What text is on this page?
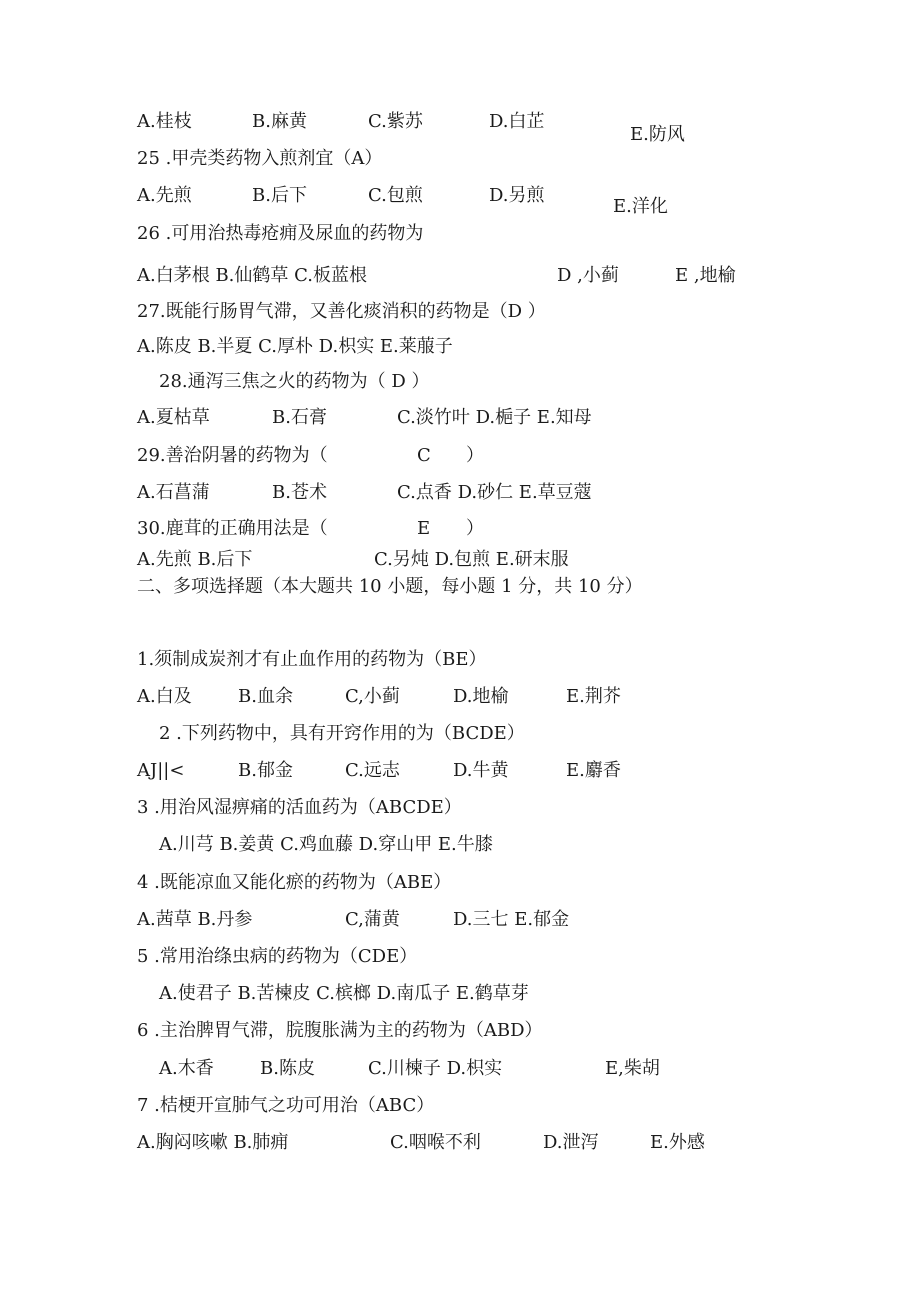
A.桂枝	B.麻黄	C.紫苏	D.白芷
E.防风
25 .甲壳类药物入煎剂宜（A）
A.先煎	B.后下	C.包煎	D.另煎
E.洋化
26 .可用治热毒疮痈及尿血的药物为
A.白茅根 B.仙鹤草 C.板蓝根	D ,小蓟	E ,地榆
27.既能行肠胃气滞，又善化痰消积的药物是（D ）
A.陈皮 B.半夏 C.厚朴 D.枳实 E.莱菔子
28.通泻三焦之火的药物为（ D ）
A.夏枯草	B.石膏	C.淡竹叶 D.梔子 E.知母
29.善治阴暑的药物为（	C ）
A.石菖蒲	B.苍术	C.点香 D.砂仁 E.草豆蔻
30.鹿茸的正确用法是（	E ）
A.先煎 B.后下	C.另炖 D.包煎 E.研末服
二、多项选择题（本大题共 10 小题，每小题 1 分，共 10 分）
1.须制成炭剂才有止血作用的药物为（BE）
A.白及	B.血余	C,小蓟	D.地榆	E.荆芥
2 .下列药物中，具有开窍作用的为（BCDE）
AJ||<	B.郁金	C.远志	D.牛黄	E.麝香
3 .用治风湿痹痛的活血药为（ABCDE）
A.川芎 B.姜黄 C.鸡血藤 D.穿山甲 E.牛膝
4 .既能凉血又能化瘀的药物为（ABE）
A.茜草 B.丹参	C,蒲黄	D.三七 E.郁金
5 .常用治绦虫病的药物为（CDE）
A.使君子 B.苦楝皮 C.槟榔 D.南瓜子 E.鹤草芽
6 .主治脾胃气滞，脘腹胀满为主的药物为（ABD）
A.木香	B.陈皮	C.川楝子 D.枳实	E,柴胡
7 .桔梗开宣肺气之功可用治（ABC）
A.胸闷咳嗽 B.肺痈	C.咽喉不利	D.泄泻	E.外感
